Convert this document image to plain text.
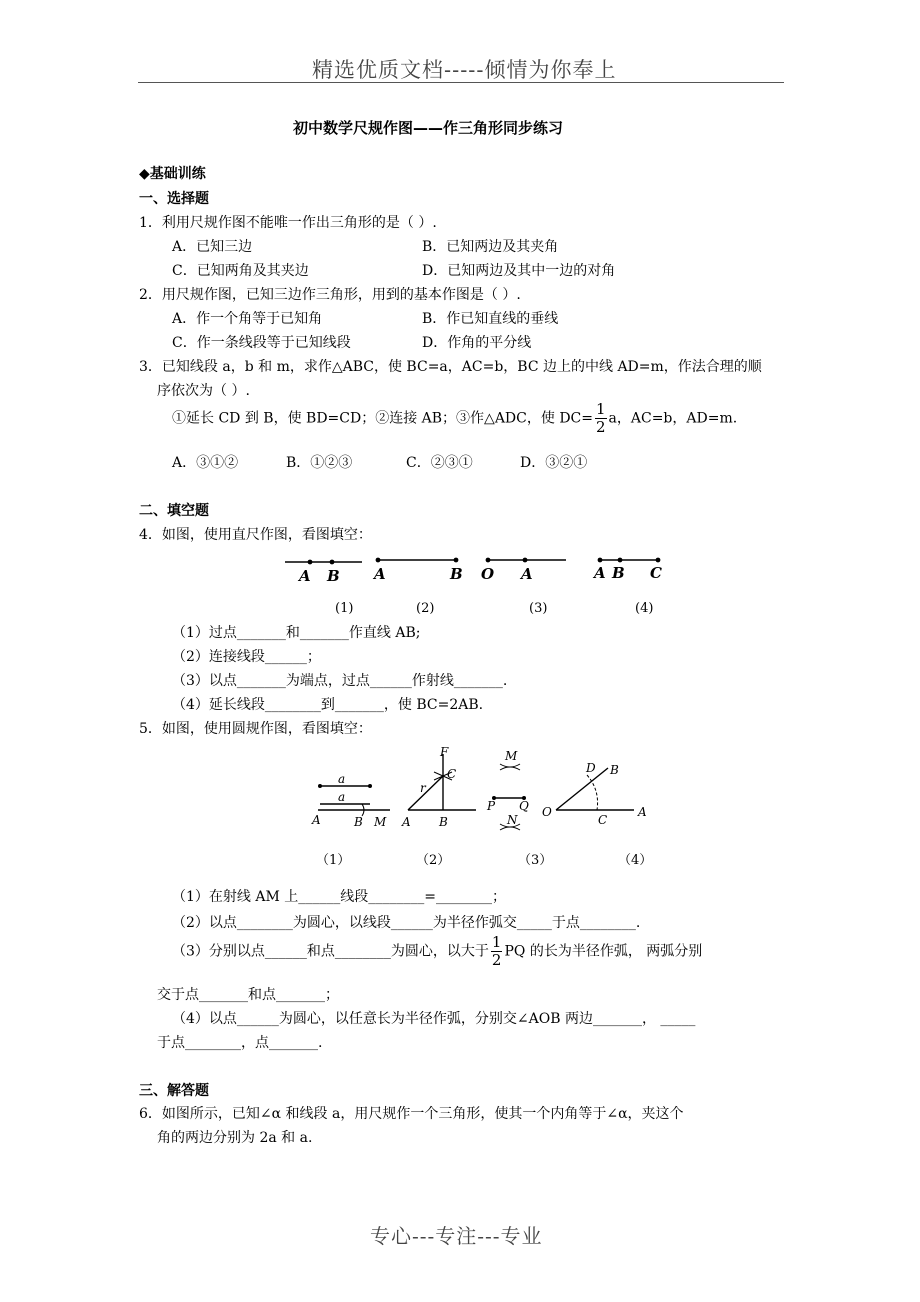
精选优质文档-----倾情为你奉上
初中数学尺规作图——作三角形同步练习
◆基础训练
一、选择题
1．利用尺规作图不能唯一作出三角形的是（ ）.
A．已知三边	B．已知两边及其夹角
C．已知两角及其夹边	D．已知两边及其中一边的对角
2．用尺规作图，已知三边作三角形，用到的基本作图是（ ）.
A．作一个角等于已知角	B．作已知直线的垂线
C．作一条线段等于已知线段	D．作角的平分线
3．已知线段 a，b 和 m，求作△ABC，使 BC=a，AC=b，BC 边上的中线 AD=m，作法合理的顺
序依次为（ ）.
①延长 CD 到 B，使 BD=CD；②连接 AB；③作△ADC，使 $DC= \frac{1}{2}$ a，AC=b，AD=m.
A．③①②	B．①②③	C．②③①	D．③②①
二、填空题
4．如图，使用直尺作图，看图填空：
A B A	B O A	A B C
(1)	(2)	(3)	(4)
（1）过点_______和_______作直线 AB;
（2）连接线段______；
（3）以点_______为端点，过点______作射线_______.
（4）延长线段________到_______，使 BC=2AB.
5．如图，使用圆规作图，看图填空：
a
a
A	B M
F
C
r
A B
M
P Q
N
D B
O
C
A
（1）	（2）	（3）	（4）
（1）在射线 AM 上______线段________=________；
（2）以点________为圆心，以线段______为半径作弧交_____于点________.
（3）分别以点______和点________为圆心，以大于 $\frac{1}{2}$ PQ 的长为半径作弧， 两弧分别
交于点_______和点_______；
（4）以点______为圆心，以任意长为半径作弧，分别交∠AOB 两边_______， _____
于点________，点_______.
三、解答题
6．如图所示，已知∠α 和线段 a，用尺规作一个三角形，使其一个内角等于∠α，夹这个
角的两边分别为 2a 和 a.
专心---专注---专业
